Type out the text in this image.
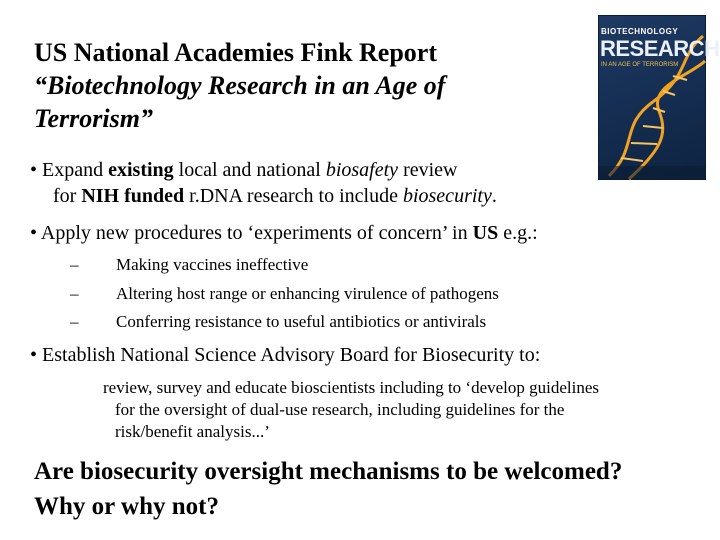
US National Academies Fink Report
“Biotechnology Research in an Age of
Terrorism”
BIOTECHNOLOGY
RESEARCH
IN AN AGE OF TERRORISM
• Expand existing local and national biosafety review
for NIH funded r.DNA research to include biosecurity.
• Apply new procedures to ‘experiments of concern’ in US e.g.:
– Making vaccines ineffective
– Altering host range or enhancing virulence of pathogens
– Conferring resistance to useful antibiotics or antivirals
• Establish National Science Advisory Board for Biosecurity to:
review, survey and educate bioscientists including to ‘develop guidelines
for the oversight of dual-use research, including guidelines for the
risk/benefit analysis...’
Are biosecurity oversight mechanisms to be welcomed?
Why or why not?
